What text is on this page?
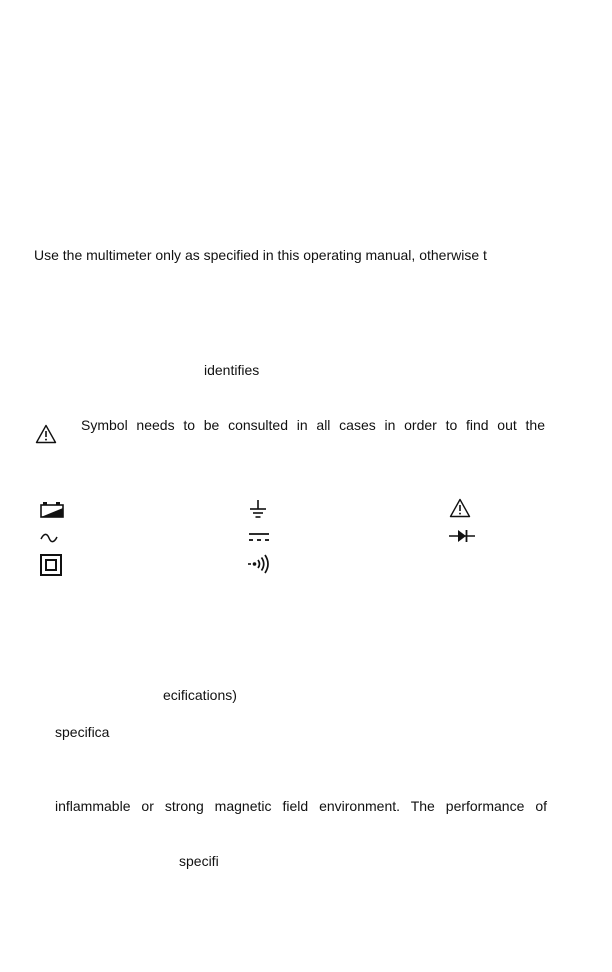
Use the multimeter only as specified in this operating manual, otherwise t
identifies
Symbol needs to be consulted in all cases in order to find out the
ecifications)
specifica
inflammable or strong magnetic field environment. The performance of
specifi
